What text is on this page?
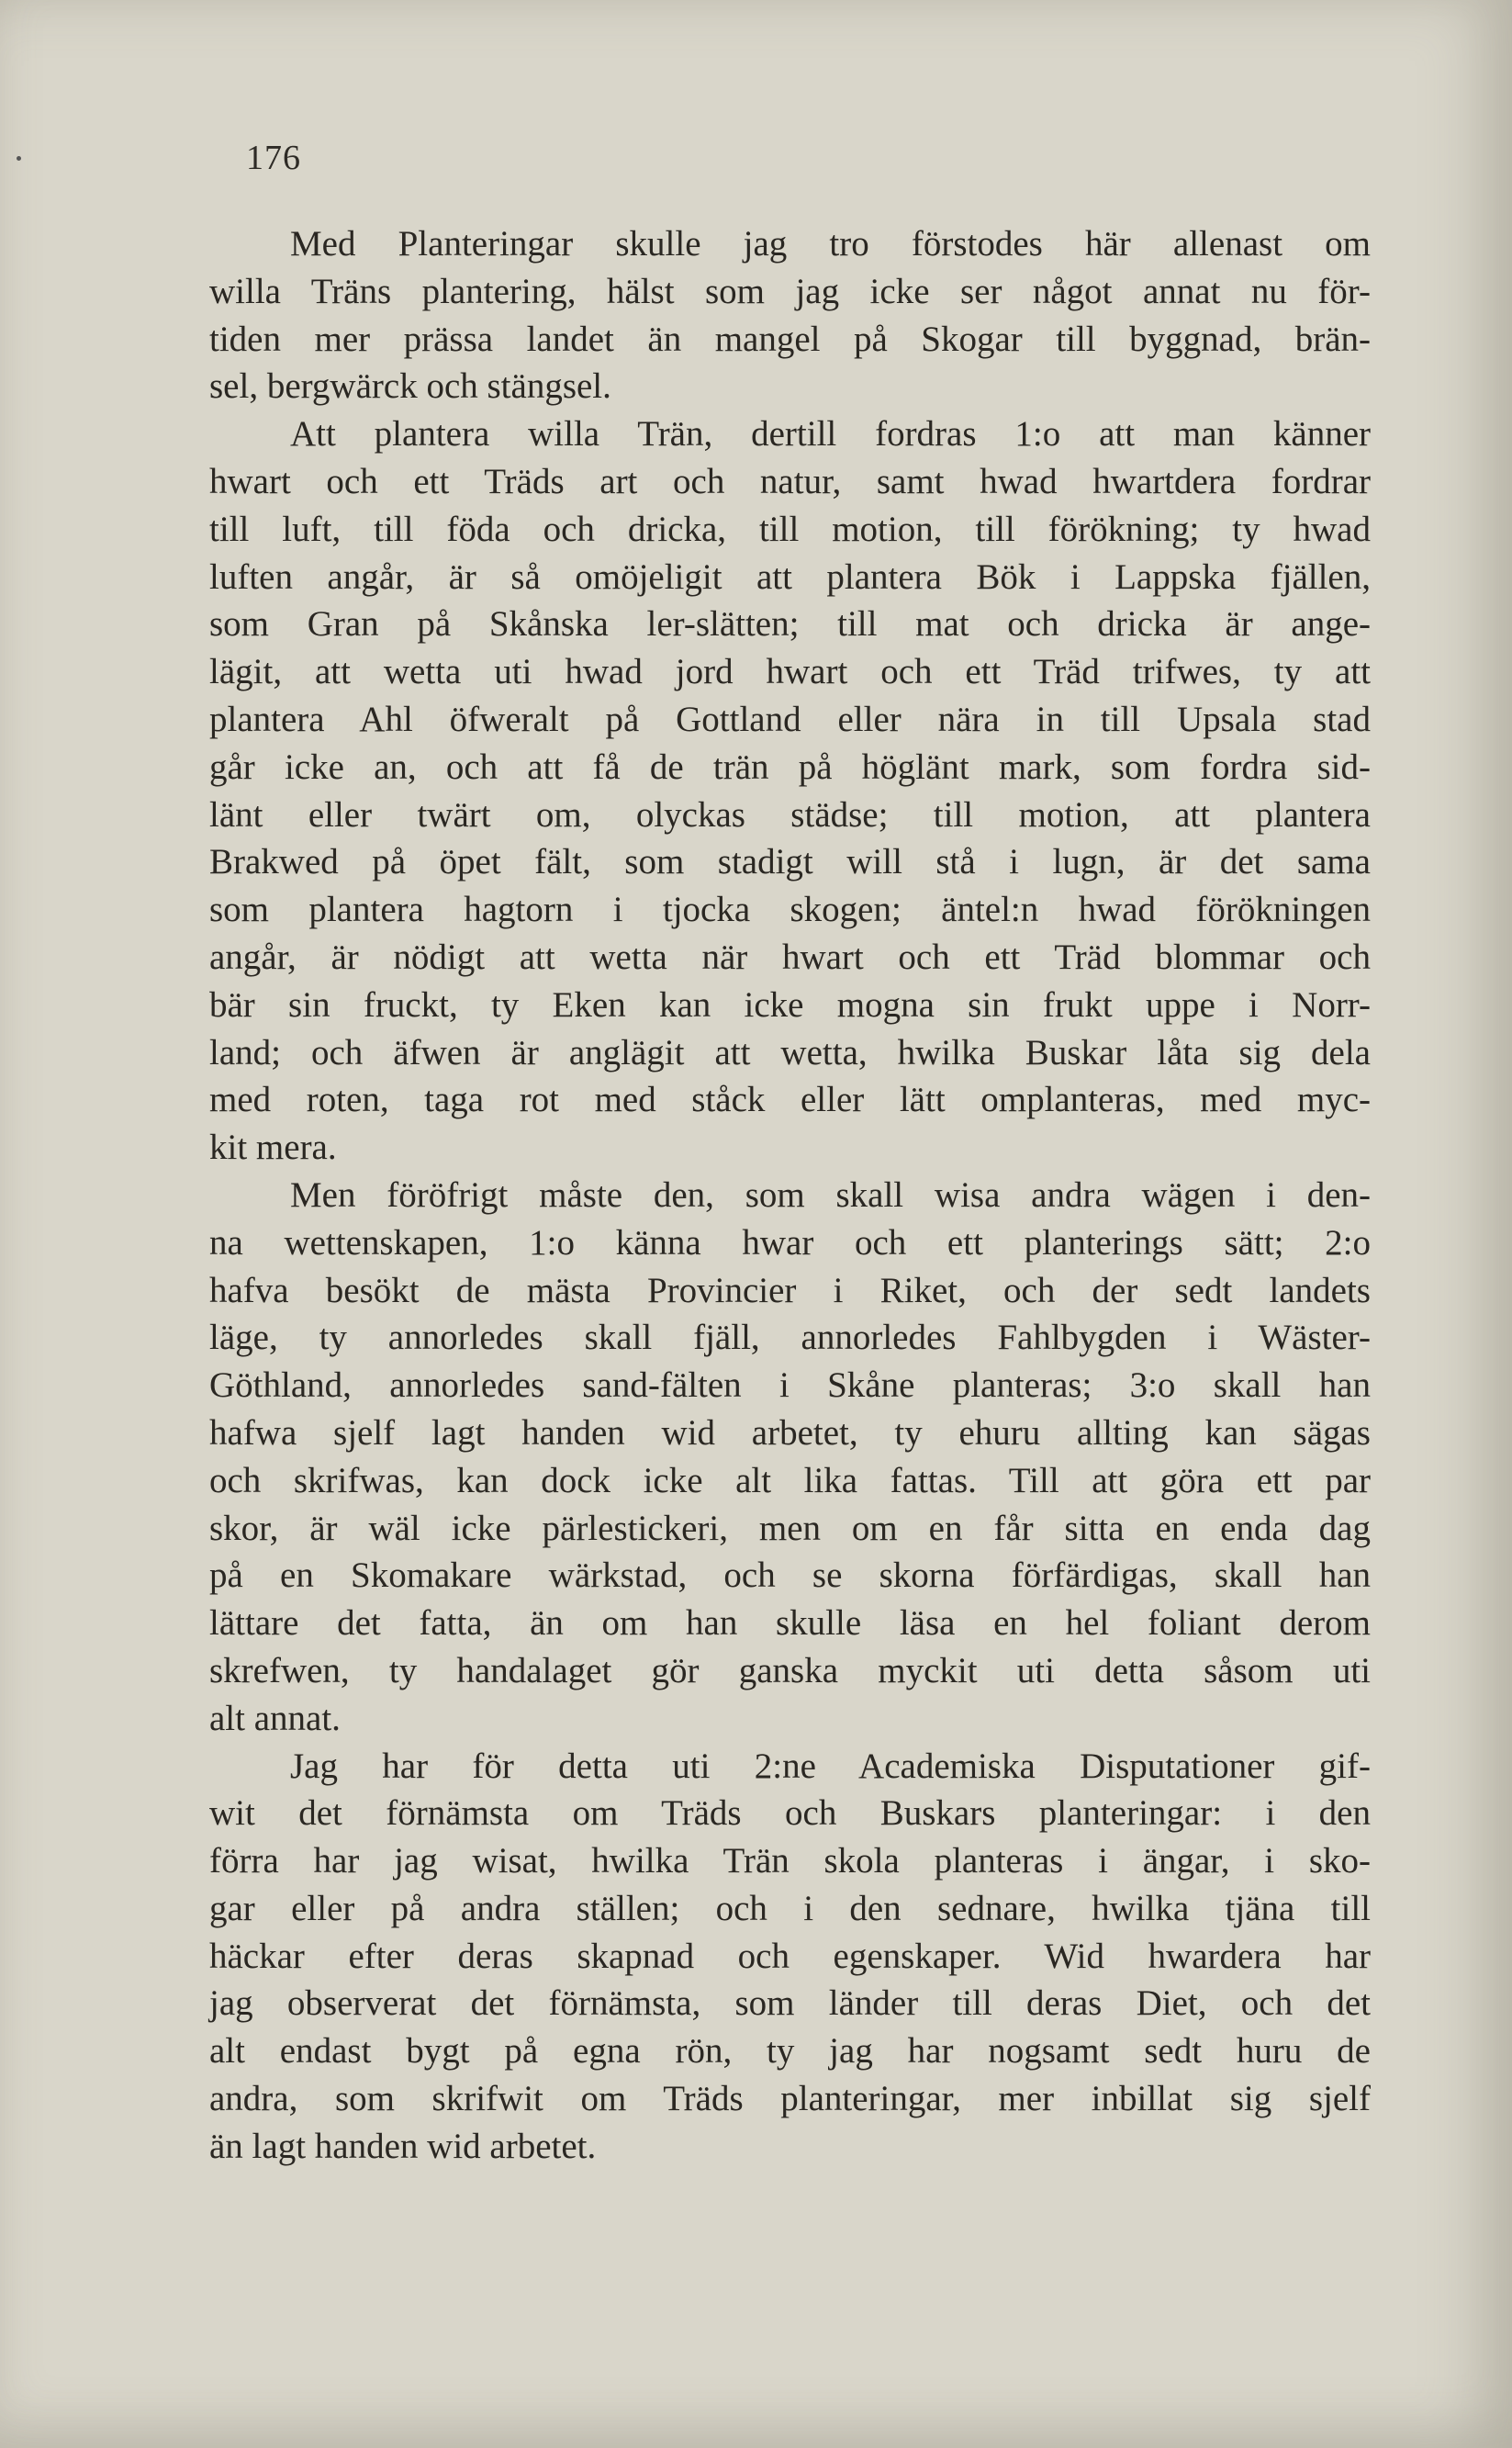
176
Med Planteringar skulle jag tro förstodes här allenast om
willa Träns plantering, hälst som jag icke ser något annat nu för-
tiden mer prässa landet än mangel på Skogar till byggnad, brän-
sel, bergwärck och stängsel.
Att plantera willa Trän, dertill fordras 1:o att man känner
hwart och ett Träds art och natur, samt hwad hwartdera fordrar
till luft, till föda och dricka, till motion, till förökning; ty hwad
luften angår, är så omöjeligit att plantera Bök i Lappska fjällen,
som Gran på Skånska ler-slätten; till mat och dricka är ange-
lägit, att wetta uti hwad jord hwart och ett Träd trifwes, ty att
plantera Ahl öfweralt på Gottland eller nära in till Upsala stad
går icke an, och att få de trän på höglänt mark, som fordra sid-
länt eller twärt om, olyckas städse; till motion, att plantera
Brakwed på öpet fält, som stadigt will stå i lugn, är det sama
som plantera hagtorn i tjocka skogen; äntel:n hwad förökningen
angår, är nödigt att wetta när hwart och ett Träd blommar och
bär sin fruckt, ty Eken kan icke mogna sin frukt uppe i Norr-
land; och äfwen är anglägit att wetta, hwilka Buskar låta sig dela
med roten, taga rot med ståck eller lätt omplanteras, med myc-
kit mera.
Men föröfrigt måste den, som skall wisa andra wägen i den-
na wettenskapen, 1:o känna hwar och ett planterings sätt; 2:o
hafva besökt de mästa Provincier i Riket, och der sedt landets
läge, ty annorledes skall fjäll, annorledes Fahlbygden i Wäster-
Göthland, annorledes sand-fälten i Skåne planteras; 3:o skall han
hafwa sjelf lagt handen wid arbetet, ty ehuru allting kan sägas
och skrifwas, kan dock icke alt lika fattas. Till att göra ett par
skor, är wäl icke pärlestickeri, men om en får sitta en enda dag
på en Skomakare wärkstad, och se skorna förfärdigas, skall han
lättare det fatta, än om han skulle läsa en hel foliant derom
skrefwen, ty handalaget gör ganska myckit uti detta såsom uti
alt annat.
Jag har för detta uti 2:ne Academiska Disputationer gif-
wit det förnämsta om Träds och Buskars planteringar: i den
förra har jag wisat, hwilka Trän skola planteras i ängar, i sko-
gar eller på andra ställen; och i den sednare, hwilka tjäna till
häckar efter deras skapnad och egenskaper. Wid hwardera har
jag observerat det förnämsta, som länder till deras Diet, och det
alt endast bygt på egna rön, ty jag har nogsamt sedt huru de
andra, som skrifwit om Träds planteringar, mer inbillat sig sjelf
än lagt handen wid arbetet.
